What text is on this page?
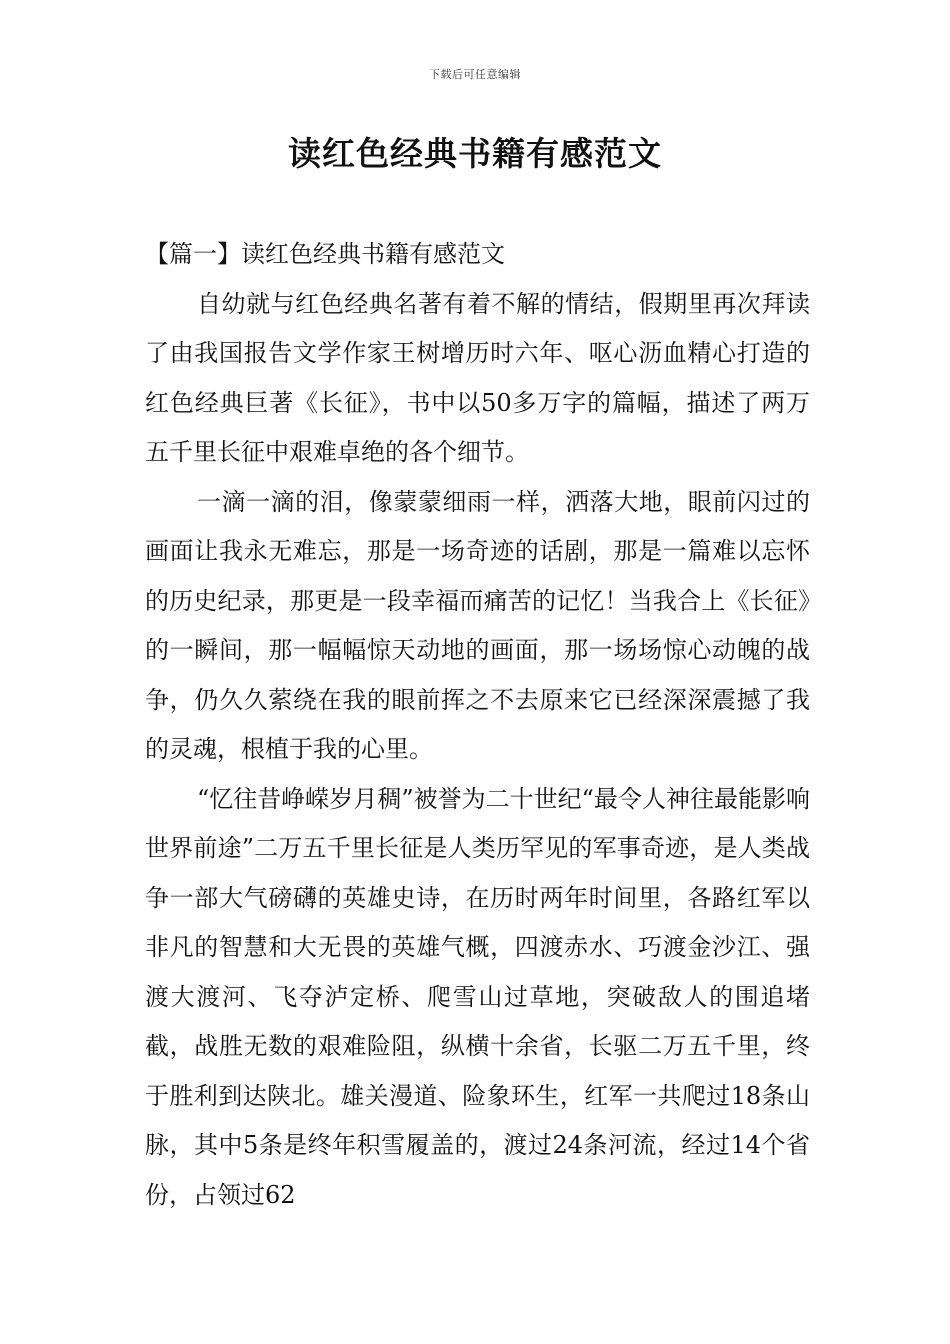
下载后可任意编辑
读红色经典书籍有感范文

【篇一】读红色经典书籍有感范文

自幼就与红色经典名著有着不解的情结，假期里再次拜读了由我国报告文学作家王树增历时六年、呕心沥血精心打造的红色经典巨著《长征》，书中以50多万字的篇幅，描述了两万五千里长征中艰难卓绝的各个细节。

一滴一滴的泪，像蒙蒙细雨一样，洒落大地，眼前闪过的画面让我永无难忘，那是一场奇迹的话剧，那是一篇难以忘怀的历史纪录，那更是一段幸福而痛苦的记忆！当我合上《长征》的一瞬间，那一幅幅惊天动地的画面，那一场场惊心动魄的战争，仍久久萦绕在我的眼前挥之不去原来它已经深深震撼了我的灵魂，根植于我的心里。

“忆往昔峥嵘岁月稠”被誉为二十世纪“最令人神往最能影响世界前途”二万五千里长征是人类历罕见的军事奇迹，是人类战争一部大气磅礴的英雄史诗，在历时两年时间里，各路红军以非凡的智慧和大无畏的英雄气概，四渡赤水、巧渡金沙江、强渡大渡河、飞夺泸定桥、爬雪山过草地，突破敌人的围追堵截，战胜无数的艰难险阻，纵横十余省，长驱二万五千里，终于胜利到达陕北。雄关漫道、险象环生，红军一共爬过18条山脉，其中5条是终年积雪履盖的，渡过24条河流，经过14个省份，占领过62
